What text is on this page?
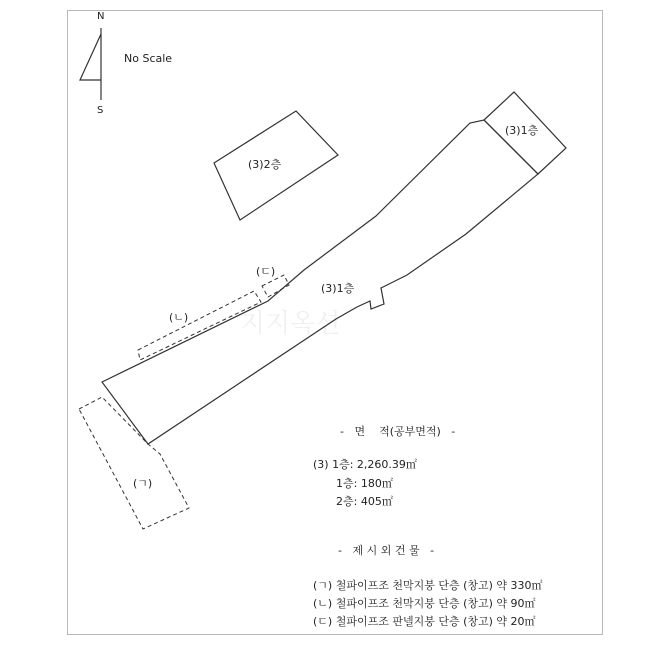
지지옥션
N
S
No Scale
(3)2층
(3)1층
(3)1층
(ㄱ)
(ㄴ)
(ㄷ)
-   면    적(공부면적)   -
(3) 1층: 2,260.39㎡
1층: 180㎡
2층: 405㎡
-   제 시 외 건 물   -
(ㄱ) 철파이프조 천막지붕 단층 (창고) 약 330㎡
(ㄴ) 철파이프조 천막지붕 단층 (창고) 약 90㎡
(ㄷ) 철파이프조 판넬지붕 단층 (창고) 약 20㎡
